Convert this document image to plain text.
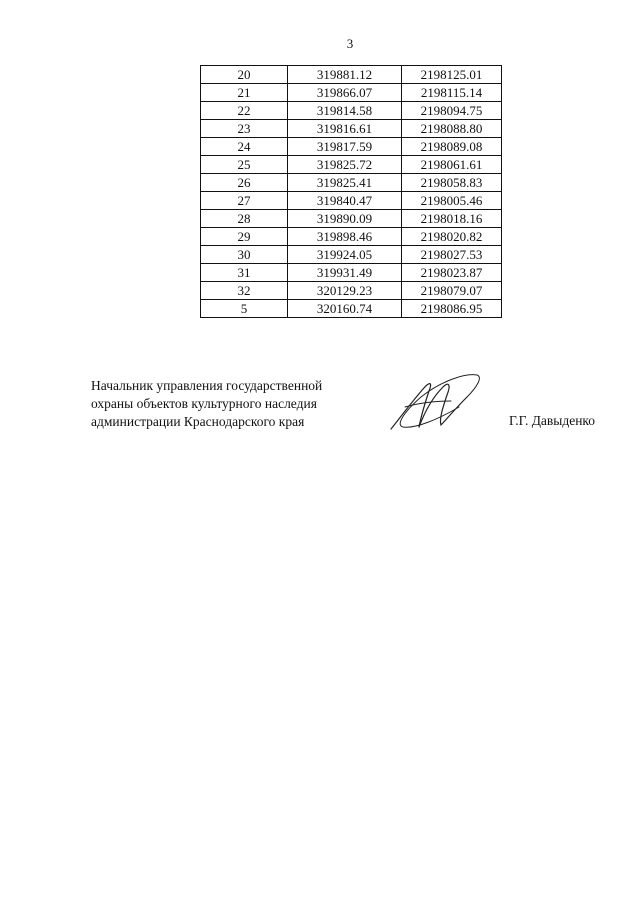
3
20	319881.12	2198125.01
21	319866.07	2198115.14
22	319814.58	2198094.75
23	319816.61	2198088.80
24	319817.59	2198089.08
25	319825.72	2198061.61
26	319825.41	2198058.83
27	319840.47	2198005.46
28	319890.09	2198018.16
29	319898.46	2198020.82
30	319924.05	2198027.53
31	319931.49	2198023.87
32	320129.23	2198079.07
5	320160.74	2198086.95
Начальник управления государственной
охраны объектов культурного наследия
администрации Краснодарского края	Г.Г. Давыденко
